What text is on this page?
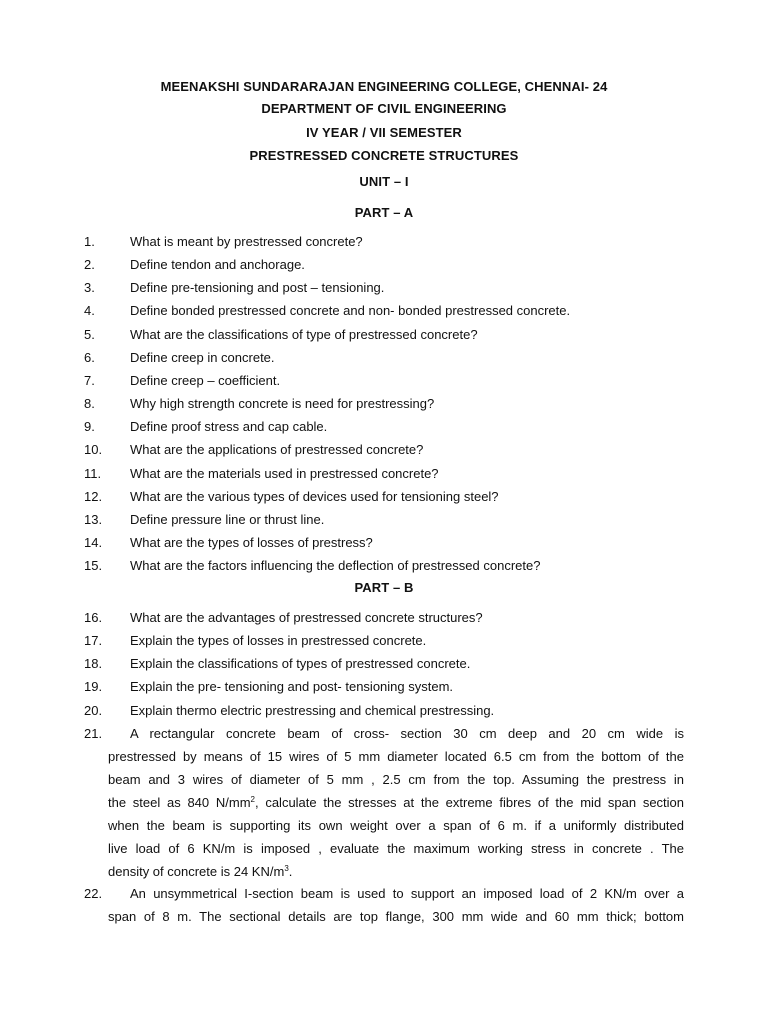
MEENAKSHI SUNDARARAJAN ENGINEERING COLLEGE, CHENNAI- 24
DEPARTMENT OF CIVIL ENGINEERING
IV YEAR / VII SEMESTER
PRESTRESSED CONCRETE STRUCTURES
UNIT – I
PART – A
1.	What is meant by prestressed concrete?
2.	Define tendon and anchorage.
3.	Define pre-tensioning and post – tensioning.
4.	Define bonded prestressed concrete and non- bonded prestressed concrete.
5.	What are the classifications of type of prestressed concrete?
6.	Define creep in concrete.
7.	Define creep – coefficient.
8.	Why high strength concrete is need for prestressing?
9.	Define proof stress and cap cable.
10.	What are the applications of prestressed concrete?
11.	What are the materials used in prestressed concrete?
12.	What are the various types of devices used for tensioning steel?
13.	Define pressure line or thrust line.
14.	What are the types of losses of prestress?
15.	What are the factors influencing the deflection of prestressed concrete?
PART – B
16.	What are the advantages of prestressed concrete structures?
17.	Explain the types of losses in prestressed concrete.
18.	Explain the classifications of types of prestressed concrete.
19.	Explain the pre- tensioning and post- tensioning system.
20.	Explain thermo electric prestressing and chemical prestressing.
21. A rectangular concrete beam of cross- section 30 cm deep and 20 cm wide is
prestressed by means of 15 wires of 5 mm diameter located 6.5 cm from the bottom of the
beam and 3 wires of diameter of 5 mm , 2.5 cm from the top. Assuming the prestress in
the steel as 840 $N/mm^2$, calculate the stresses at the extreme fibres of the mid span section
when the beam is supporting its own weight over a span of 6 m. if a uniformly distributed
live load of 6 KN/m is imposed , evaluate the maximum working stress in concrete . The
density of concrete is 24 $KN/m^3$.
22. An unsymmetrical I-section beam is used to support an imposed load of 2 KN/m over a
span of 8 m. The sectional details are top flange, 300 mm wide and 60 mm thick; bottom
